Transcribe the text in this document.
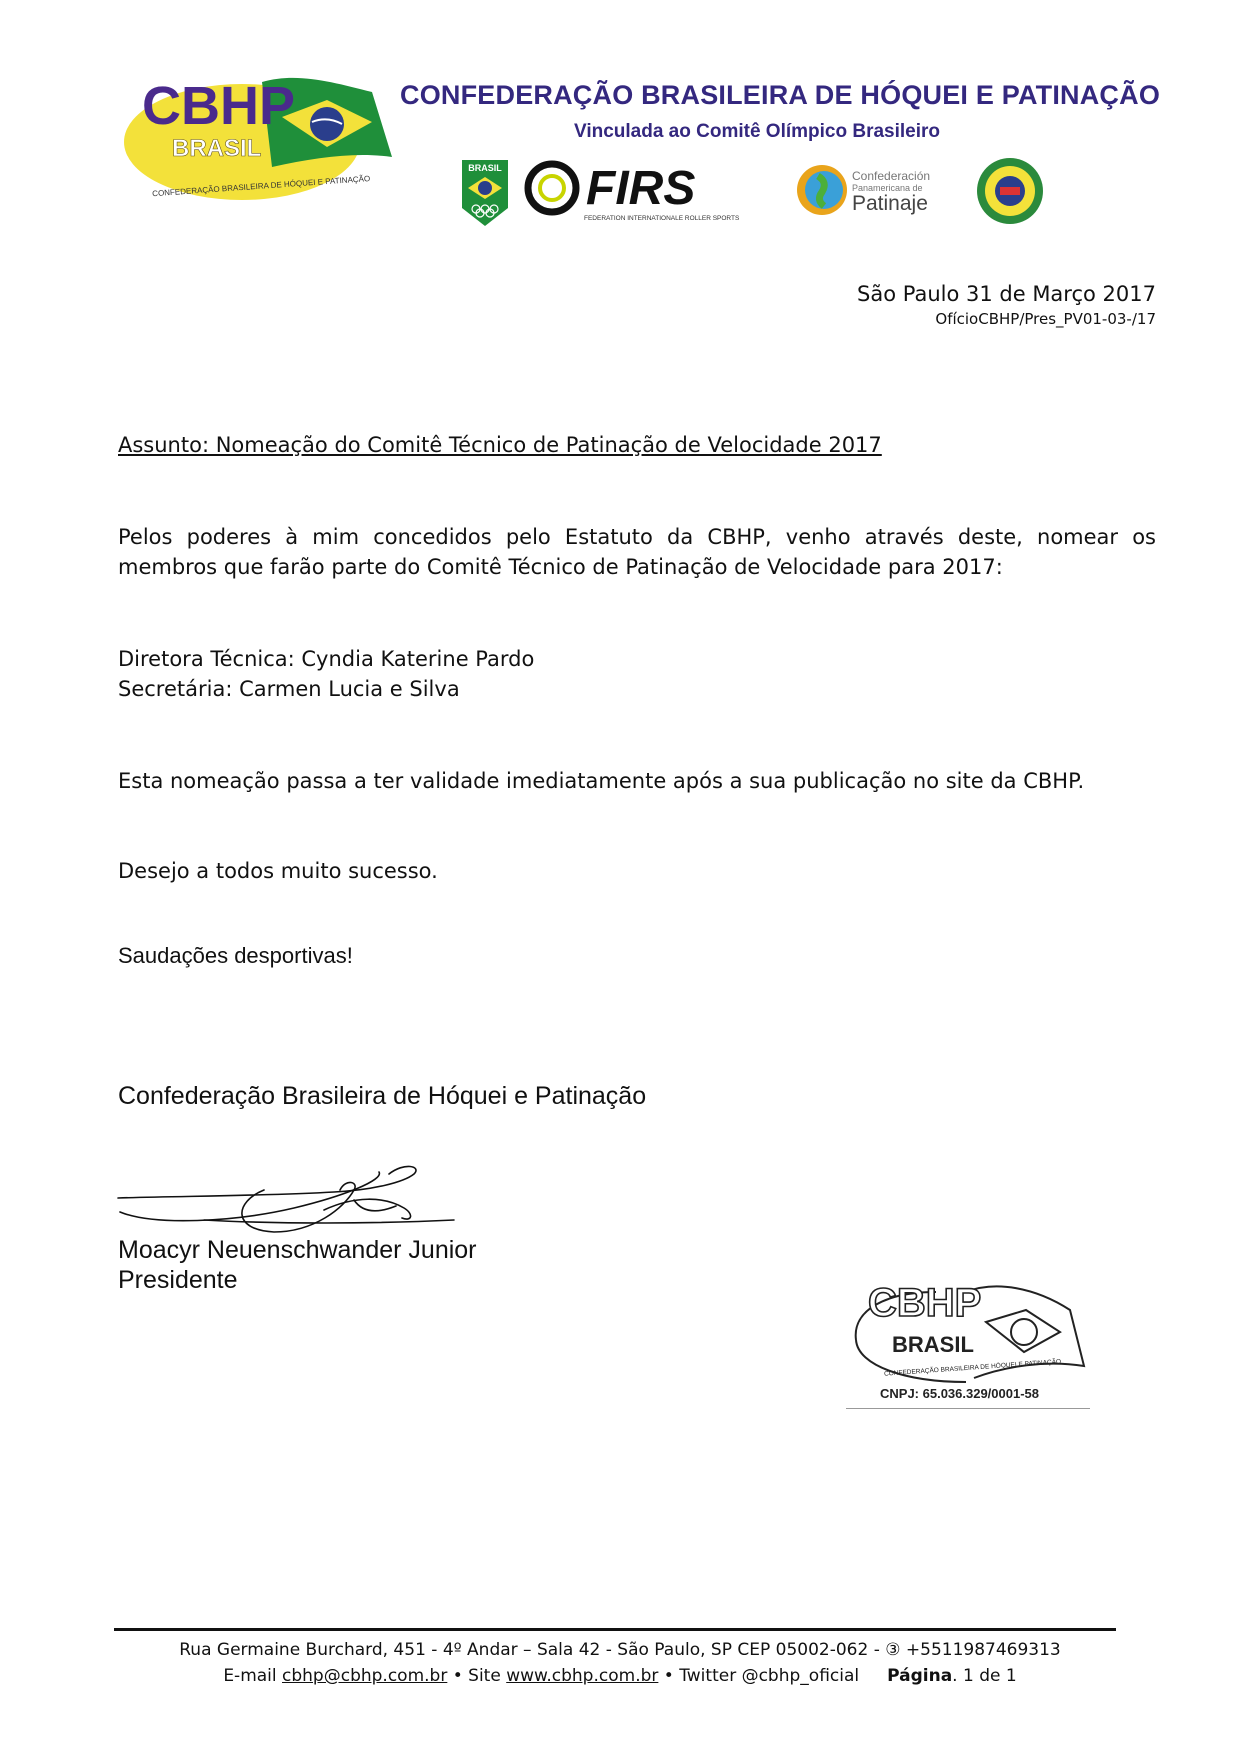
CBHP
BRASIL
CONFEDERAÇÃO BRASILEIRA DE HÓQUEI E PATINAÇÃO
CONFEDERAÇÃO BRASILEIRA DE HÓQUEI E PATINAÇÃO
Vinculada ao Comitê Olímpico Brasileiro
BRASIL FIRS
FEDERATION INTERNATIONALE ROLLER SPORTS
Confederación
Panamericana de
Patinaje
São Paulo 31 de Março 2017
OfícioCBHP/Pres_PV01-03-/17
Assunto: Nomeação do Comitê Técnico de Patinação de Velocidade 2017
Pelos poderes à mim concedidos pelo Estatuto da CBHP, venho através deste, nomear os membros que farão parte do Comitê Técnico de Patinação de Velocidade para 2017:
Diretora Técnica: Cyndia Katerine Pardo
Secretária: Carmen Lucia e Silva
Esta nomeação passa a ter validade imediatamente após a sua publicação no site da CBHP.
Desejo a todos muito sucesso.
Saudações desportivas!
Confederação Brasileira de Hóquei e Patinação
Moacyr Neuenschwander Junior
Presidente
CBHP
BRASIL
CONFEDERAÇÃO BRASILEIRA DE HÓQUEI E PATINAÇÃO
CNPJ: 65.036.329/0001-58
Rua Germaine Burchard, 451 - 4º Andar – Sala 42 - São Paulo, SP CEP 05002-062 - ③ +5511987469313
E-mail cbhp@cbhp.com.br • Site www.cbhp.com.br • Twitter @cbhp_oficial Página. 1 de 1
